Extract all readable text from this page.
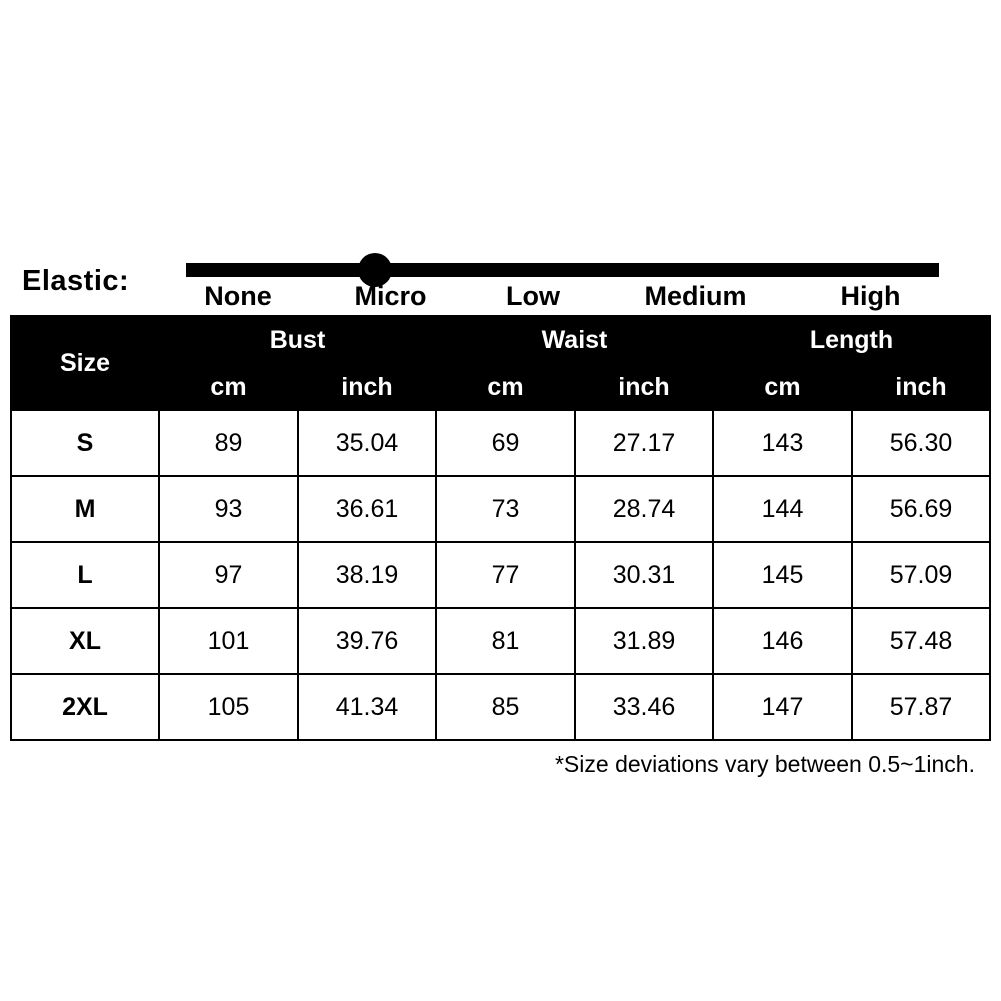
Elastic:	None	Micro	Low	Medium	High
Size	Bust		Waist		Length	
	cm	inch	cm	inch	cm	inch
S	89	35.04	69	27.17	143	56.30
M	93	36.61	73	28.74	144	56.69
L	97	38.19	77	30.31	145	57.09
XL	101	39.76	81	31.89	146	57.48
2XL	105	41.34	85	33.46	147	57.87
*Size deviations vary between 0.5~1inch.
